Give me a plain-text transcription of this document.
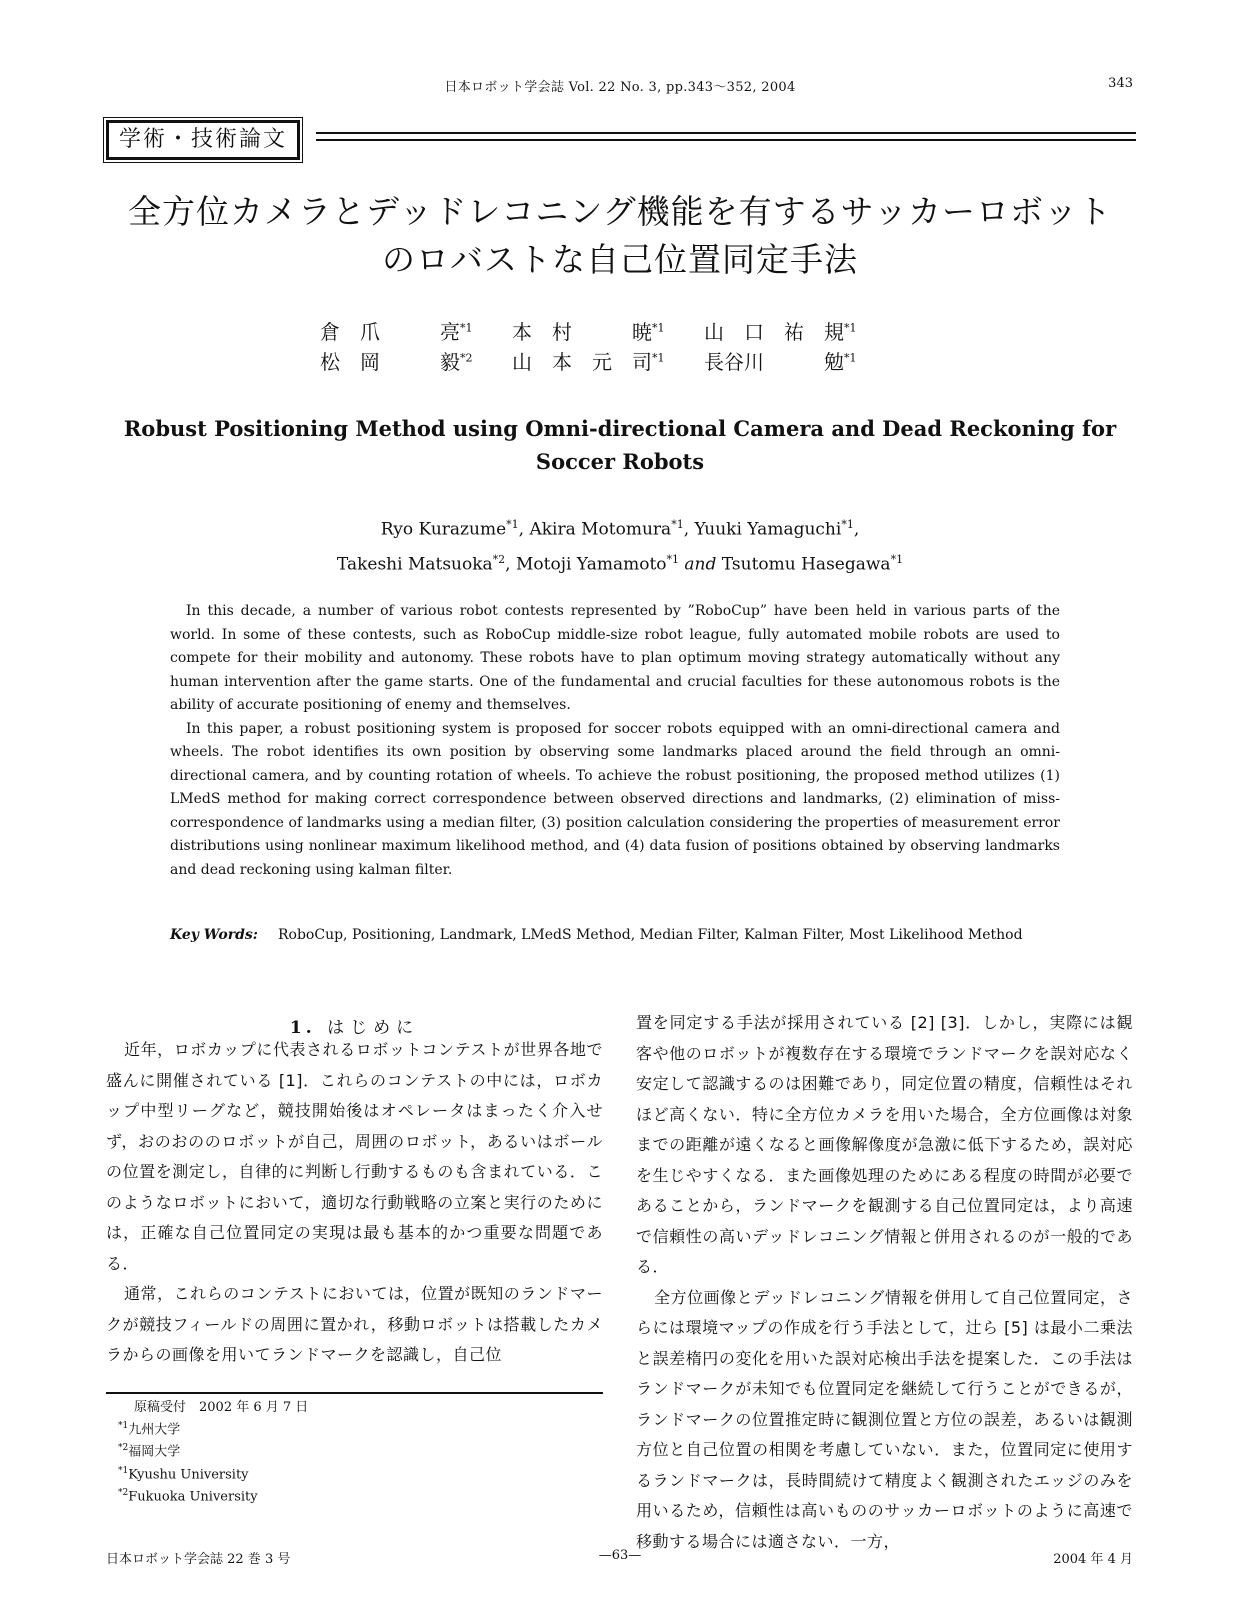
日本ロボット学会誌 Vol. 22 No. 3, pp.343〜352, 2004	343
学術・技術論文
全方位カメラとデッドレコニング機能を有するサッカーロボット
のロバストな自己位置同定手法
倉　爪　　　亮$^{*1}$ 本　村　　　暁$^{*1}$ 山　口　祐　規$^{*1}$
松　岡　　　毅$^{*2}$ 山　本　元　司$^{*1}$ 長谷川　　　勉$^{*1}$
Robust Positioning Method using Omni-directional Camera and Dead Reckoning for
Soccer Robots
Ryo Kurazume$^{*1}$, Akira Motomura$^{*1}$, Yuuki Yamaguchi$^{*1}$,
Takeshi Matsuoka$^{*2}$, Motoji Yamamoto$^{*1}$ and Tsutomu Hasegawa$^{*1}$

In this decade, a number of various robot contests represented by ”RoboCup” have been held in various parts of the world. In some of these contests, such as RoboCup middle-size robot league, fully automated mobile robots are used to compete for their mobility and autonomy. These robots have to plan optimum moving strategy automatically without any human intervention after the game starts. One of the fundamental and crucial faculties for these autonomous robots is the ability of accurate positioning of enemy and themselves.

In this paper, a robust positioning system is proposed for soccer robots equipped with an omni-directional camera and wheels. The robot identifies its own position by observing some landmarks placed around the field through an omni-directional camera, and by counting rotation of wheels. To achieve the robust positioning, the proposed method utilizes (1) LMedS method for making correct correspondence between observed directions and landmarks, (2) elimination of miss-correspondence of landmarks using a median filter, (3) position calculation considering the properties of measurement error distributions using nonlinear maximum likelihood method, and (4) data fusion of positions obtained by observing landmarks and dead reckoning using kalman filter.

Key Words:	RoboCup, Positioning, Landmark, LMedS Method, Median Filter, Kalman Filter, Most Likelihood Method
1. はじめに

近年，ロボカップに代表されるロボットコンテストが世界各地で盛んに開催されている [1]．これらのコンテストの中には，ロボカップ中型リーグなど，競技開始後はオペレータはまったく介入せず，おのおののロボットが自己，周囲のロボット，あるいはボールの位置を測定し，自律的に判断し行動するものも含まれている．このようなロボットにおいて，適切な行動戦略の立案と実行のためには，正確な自己位置同定の実現は最も基本的かつ重要な問題である．

通常，これらのコンテストにおいては，位置が既知のランドマークが競技フィールドの周囲に置かれ，移動ロボットは搭載したカメラからの画像を用いてランドマークを認識し，自己位

置を同定する手法が採用されている [2] [3]．しかし，実際には観客や他のロボットが複数存在する環境でランドマークを誤対応なく安定して認識するのは困難であり，同定位置の精度，信頼性はそれほど高くない．特に全方位カメラを用いた場合，全方位画像は対象までの距離が遠くなると画像解像度が急激に低下するため，誤対応を生じやすくなる．また画像処理のためにある程度の時間が必要であることから，ランドマークを観測する自己位置同定は，より高速で信頼性の高いデッドレコニング情報と併用されるのが一般的である．

全方位画像とデッドレコニング情報を併用して自己位置同定，さらには環境マップの作成を行う手法として，辻ら [5] は最小二乗法と誤差楕円の変化を用いた誤対応検出手法を提案した．この手法はランドマークが未知でも位置同定を継続して行うことができるが，ランドマークの位置推定時に観測位置と方位の誤差，あるいは観測方位と自己位置の相関を考慮していない．また，位置同定に使用するランドマークは，長時間続けて精度よく観測されたエッジのみを用いるため，信頼性は高いもののサッカーロボットのように高速で移動する場合には適さない．一方，

原稿受付　2002 年 6 月 7 日
$^{*1}$九州大学
$^{*2}$福岡大学
$^{*1}$Kyushu University
$^{*2}$Fukuoka University
日本ロボット学会誌 22 巻 3 号	—63—	2004 年 4 月
